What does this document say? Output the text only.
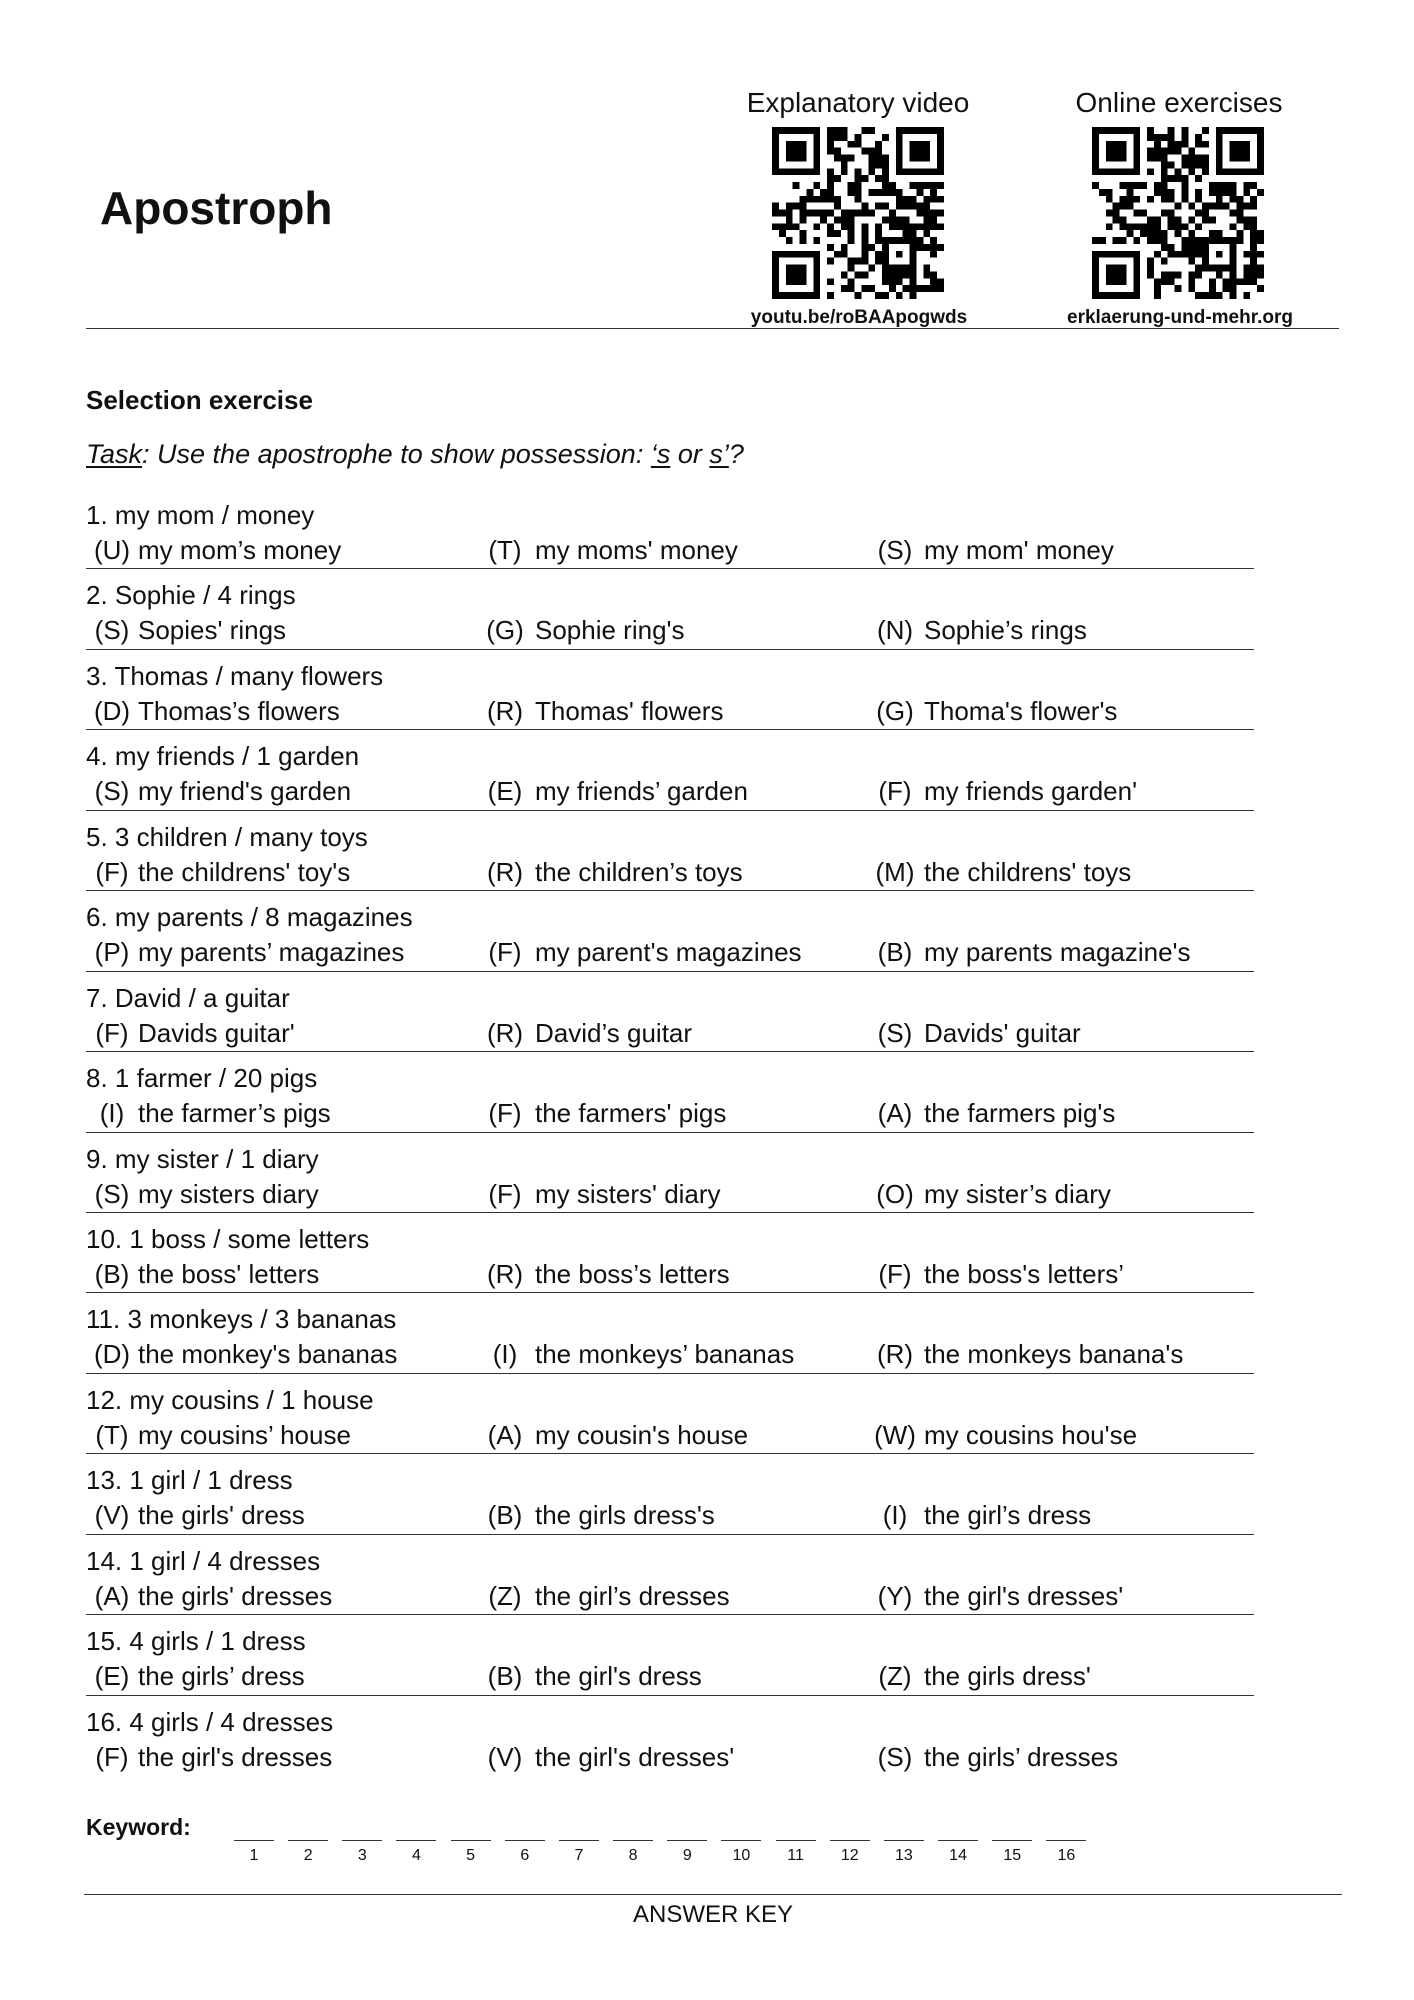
Apostroph
Explanatory video
youtu.be/roBAApogwds
Online exercises
erklaerung-und-mehr.org
Selection exercise
Task: Use the apostrophe to show possession: ‘s or s’?
1. my mom / money
(U) my mom’s money	(T) my moms' money	(S) my mom' money
2. Sophie / 4 rings
(S) Sopies' rings	(G) Sophie ring's	(N) Sophie’s rings
3. Thomas / many flowers
(D) Thomas’s flowers	(R) Thomas' flowers	(G) Thoma's flower's
4. my friends / 1 garden
(S) my friend's garden	(E) my friends’ garden	(F) my friends garden'
5. 3 children / many toys
(F) the childrens' toy's	(R) the children’s toys	(M) the childrens' toys
6. my parents / 8 magazines
(P) my parents’ magazines	(F) my parent's magazines	(B) my parents magazine's
7. David / a guitar
(F) Davids guitar'	(R) David’s guitar	(S) Davids' guitar
8. 1 farmer / 20 pigs
(I) the farmer’s pigs	(F) the farmers' pigs	(A) the farmers pig's
9. my sister / 1 diary
(S) my sisters diary	(F) my sisters' diary	(O) my sister’s diary
10. 1 boss / some letters
(B) the boss' letters	(R) the boss’s letters	(F) the boss's letters’
11. 3 monkeys / 3 bananas
(D) the monkey's bananas	(I) the monkeys’ bananas	(R) the monkeys banana's
12. my cousins / 1 house
(T) my cousins’ house	(A) my cousin's house	(W) my cousins hou'se
13. 1 girl / 1 dress
(V) the girls' dress	(B) the girls dress's	(I) the girl’s dress
14. 1 girl / 4 dresses
(A) the girls' dresses	(Z) the girl’s dresses	(Y) the girl's dresses'
15. 4 girls / 1 dress
(E) the girls’ dress	(B) the girl's dress	(Z) the girls dress'
16. 4 girls / 4 dresses
(F) the girl's dresses	(V) the girl's dresses'	(S) the girls’ dresses
Keyword:
1	2	3	4	5	6	7	8	9	10	11	12	13	14	15	16
ANSWER KEY
